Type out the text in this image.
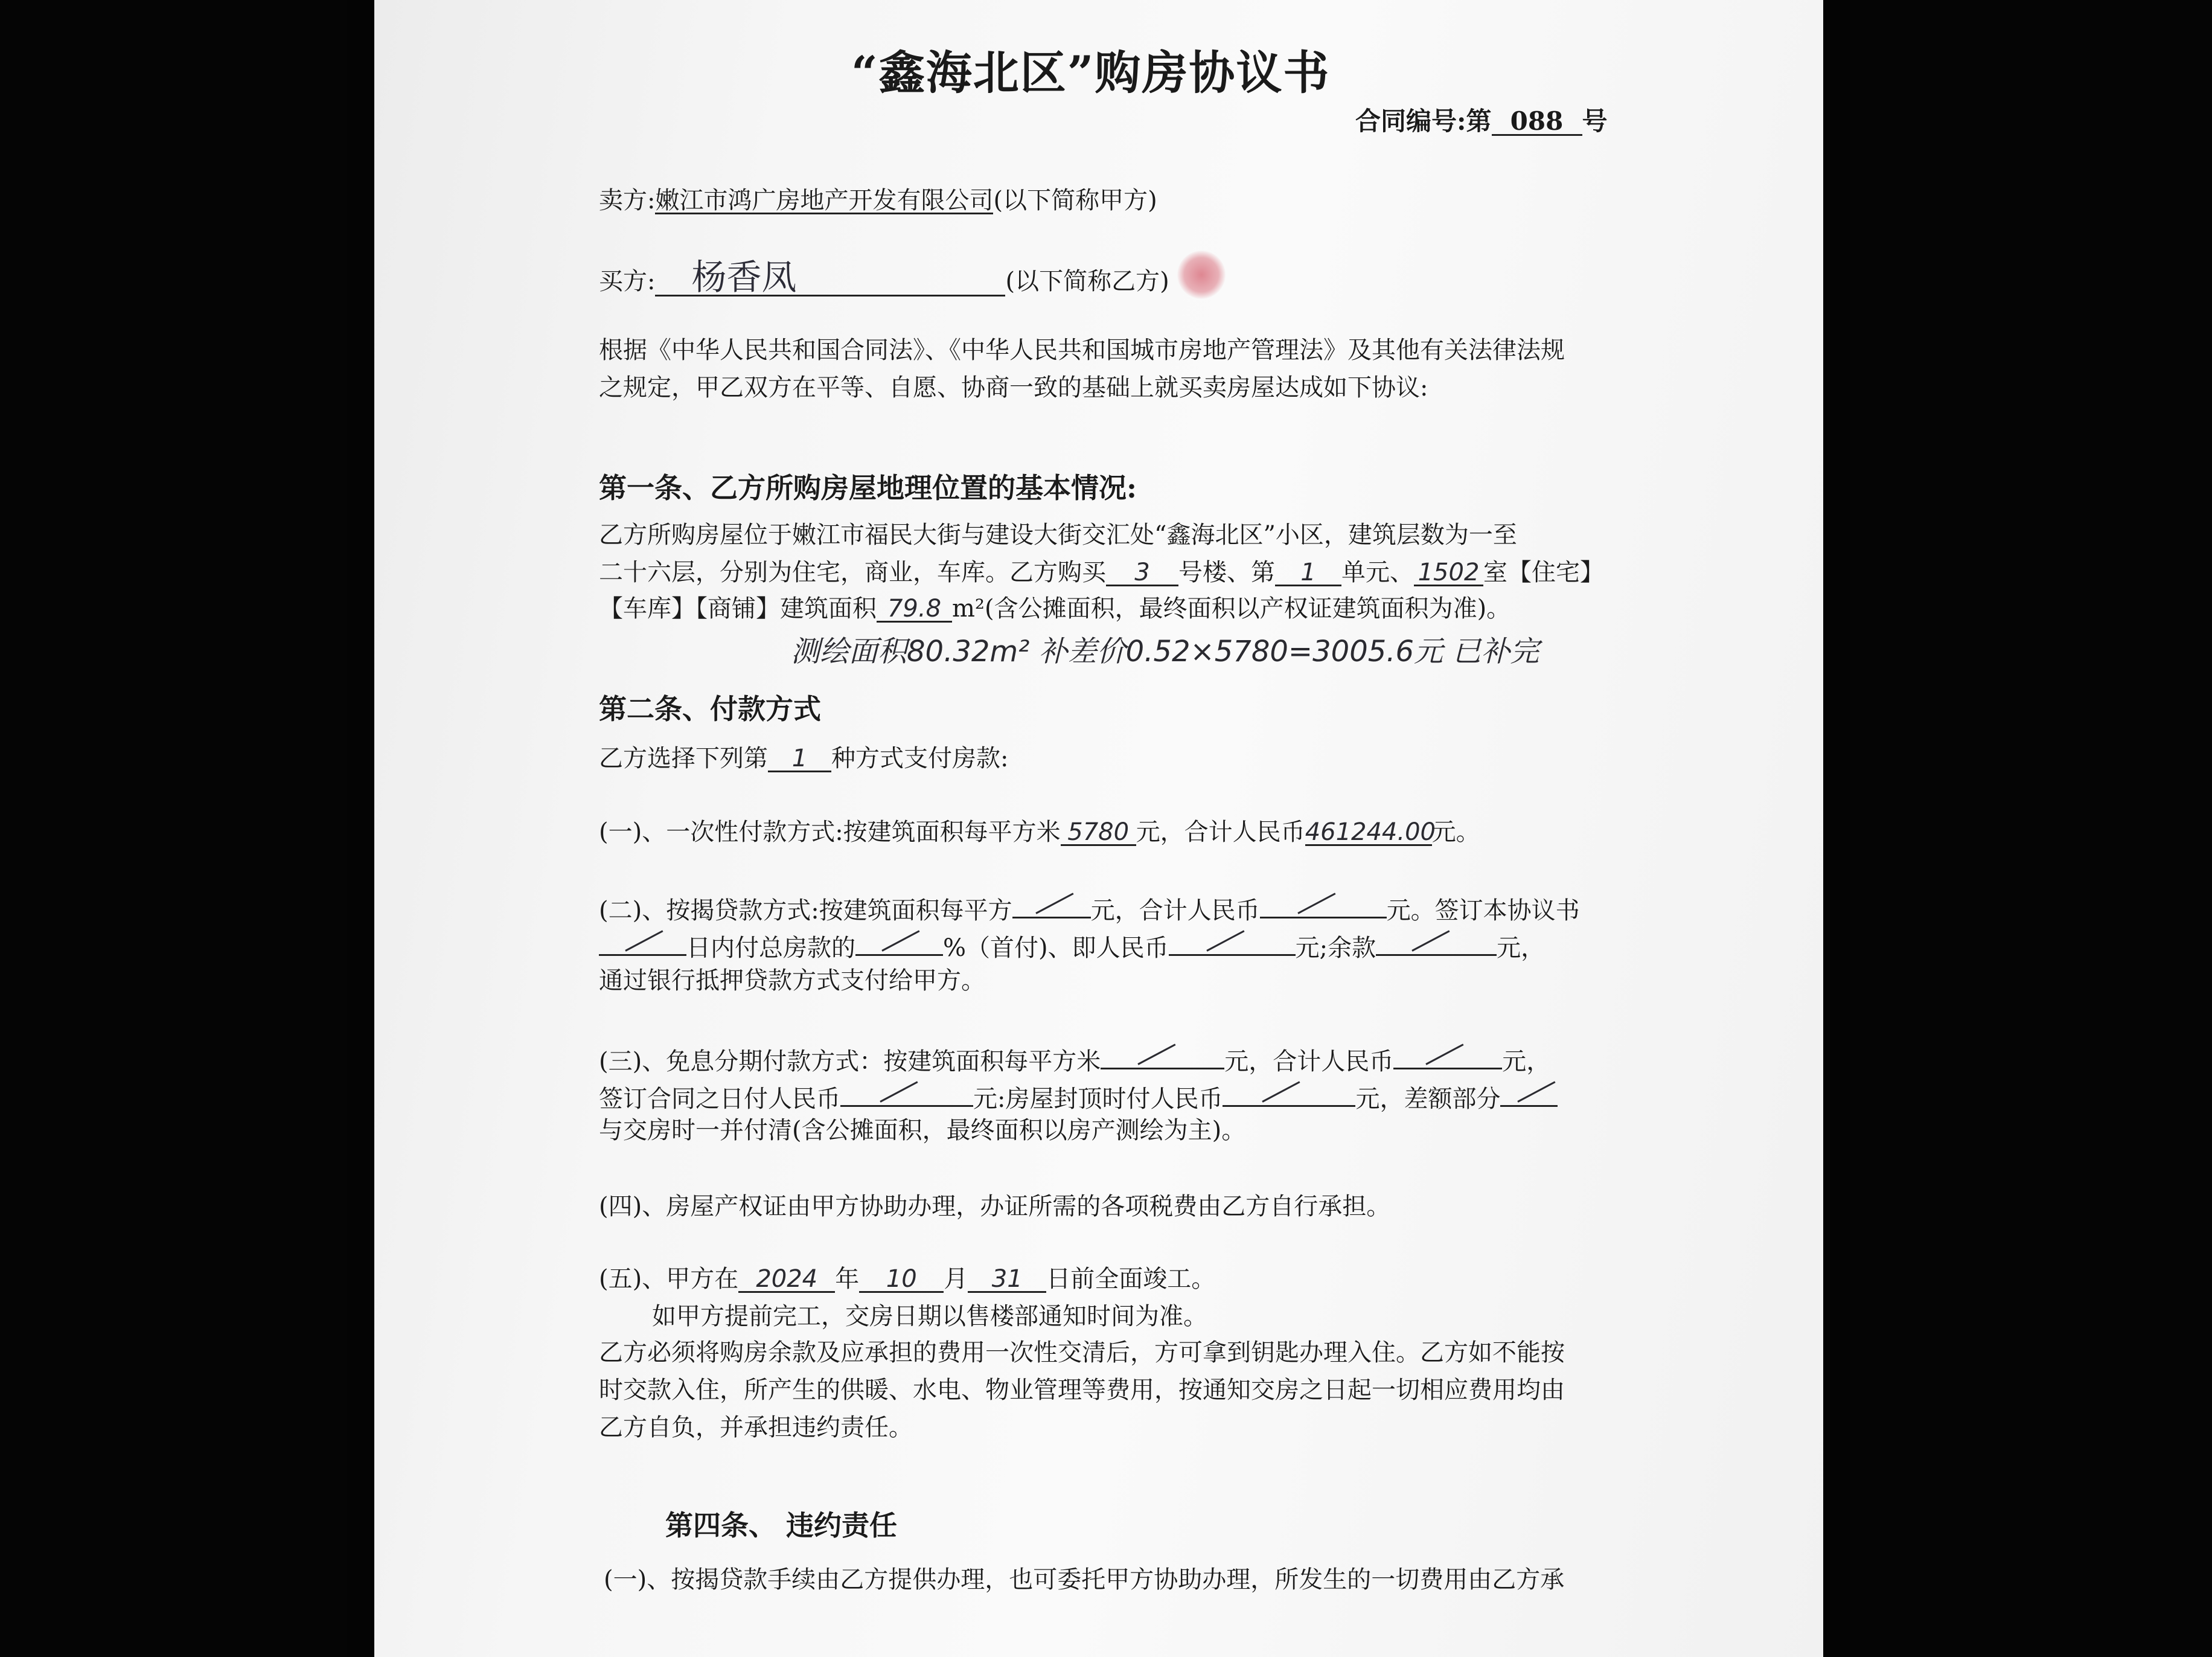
“鑫海北区”购房协议书
合同编号:第 088 号
卖方:嫩江市鸿广房地产开发有限公司(以下简称甲方)
买方: 杨香凤	(以下简称乙方)
根据《中华人民共和国合同法》、《中华人民共和国城市房地产管理法》及其他有关法律法规
之规定，甲乙双方在平等、自愿、协商一致的基础上就买卖房屋达成如下协议:
第一条、乙方所购房屋地理位置的基本情况:
乙方所购房屋位于嫩江市福民大街与建设大街交汇处“鑫海北区”小区，建筑层数为一至
二十六层，分别为住宅，商业，车库。乙方购买 3 号楼、第 1 单元、 1502 室【住宅】
【车库】【商铺】建筑面积 79.8 m²(含公摊面积，最终面积以产权证建筑面积为准)。
测绘面积80.32m² 补差价0.52×5780=3005.6元 已补完
第二条、付款方式
乙方选择下列第 1 种方式支付房款:
(一)、一次性付款方式:按建筑面积每平方米 5780 元，合计人民币461244.00元。
(二)、按揭贷款方式:按建筑面积每平方	元，合计人民币	元。签订本协议书
日内付总房款的	%（首付)、即人民币	元;余款	元，
通过银行抵押贷款方式支付给甲方。
(三)、免息分期付款方式：按建筑面积每平方米	元，合计人民币	元，
签订合同之日付人民币	元:房屋封顶时付人民币	元，差额部分
与交房时一并付清(含公摊面积，最终面积以房产测绘为主)。
(四)、房屋产权证由甲方协助办理，办证所需的各项税费由乙方自行承担。
(五)、甲方在 2024 年 10 月 31 日前全面竣工。
如甲方提前完工，交房日期以售楼部通知时间为准。
乙方必须将购房余款及应承担的费用一次性交清后，方可拿到钥匙办理入住。乙方如不能按
时交款入住，所产生的供暖、水电、物业管理等费用，按通知交房之日起一切相应费用均由
乙方自负，并承担违约责任。
第四条、 违约责任
(一)、按揭贷款手续由乙方提供办理，也可委托甲方协助办理，所发生的一切费用由乙方承
